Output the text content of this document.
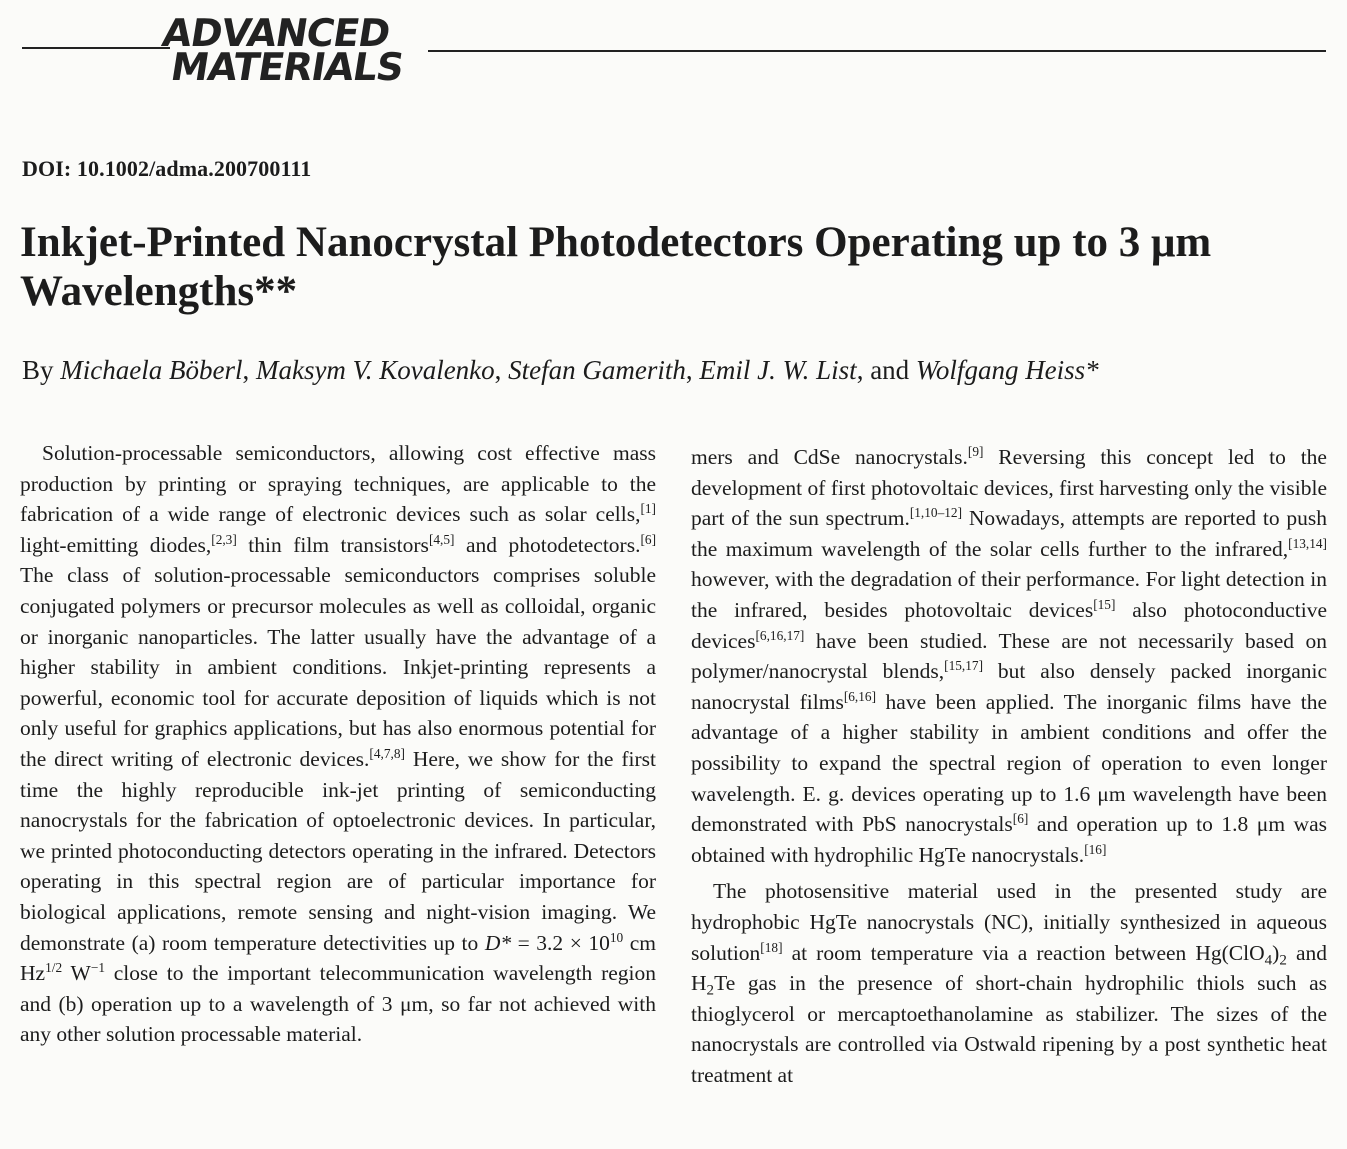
ADVANCED
MATERIALS
DOI: 10.1002/adma.200700111
Inkjet-Printed Nanocrystal Photodetectors Operating up to 3 μm Wavelengths**
By Michaela Böberl, Maksym V. Kovalenko, Stefan Gamerith, Emil J. W. List, and Wolfgang Heiss*

Solution-processable semiconductors, allowing cost effective mass production by printing or spraying techniques, are applicable to the fabrication of a wide range of electronic devices such as solar cells,[1] light-emitting diodes,[2,3] thin film transistors[4,5] and photodetectors.[6] The class of solution-processable semiconductors comprises soluble conjugated polymers or precursor molecules as well as colloidal, organic or inorganic nanoparticles. The latter usually have the advantage of a higher stability in ambient conditions. Inkjet-printing represents a powerful, economic tool for accurate deposition of liquids which is not only useful for graphics applications, but has also enormous potential for the direct writing of electronic devices.[4,7,8] Here, we show for the first time the highly reproducible ink-jet printing of semiconducting nanocrystals for the fabrication of optoelectronic devices. In particular, we printed photoconducting detectors operating in the infrared. Detectors operating in this spectral region are of particular importance for biological applications, remote sensing and night-vision imaging. We demonstrate (a) room temperature detectivities up to $D* = 3.2 \times 10^{10}$ cm $Hz^{1/2}$ $W^{-1}$ close to the important telecommunication wavelength region and (b) operation up to a wavelength of 3 μm, so far not achieved with any other solution processable material.

mers and CdSe nanocrystals.[9] Reversing this concept led to the development of first photovoltaic devices, first harvesting only the visible part of the sun spectrum.[1,10–12] Nowadays, attempts are reported to push the maximum wavelength of the solar cells further to the infrared,[13,14] however, with the degradation of their performance. For light detection in the infrared, besides photovoltaic devices[15] also photoconductive devices[6,16,17] have been studied. These are not necessarily based on polymer/nanocrystal blends,[15,17] but also densely packed inorganic nanocrystal films[6,16] have been applied. The inorganic films have the advantage of a higher stability in ambient conditions and offer the possibility to expand the spectral region of operation to even longer wavelength. E. g. devices operating up to 1.6 μm wavelength have been demonstrated with PbS nanocrystals[6] and operation up to 1.8 μm was obtained with hydrophilic HgTe nanocrystals.[16]

The photosensitive material used in the presented study are hydrophobic HgTe nanocrystals (NC), initially synthesized in aqueous solution[18] at room temperature via a reaction between $Hg(ClO_4)_2$ and $H_2Te$ gas in the presence of short-chain hydrophilic thiols such as thioglycerol or mercaptoethanolamine as stabilizer. The sizes of the nanocrystals are controlled via Ostwald ripening by a post synthetic heat treatment at
